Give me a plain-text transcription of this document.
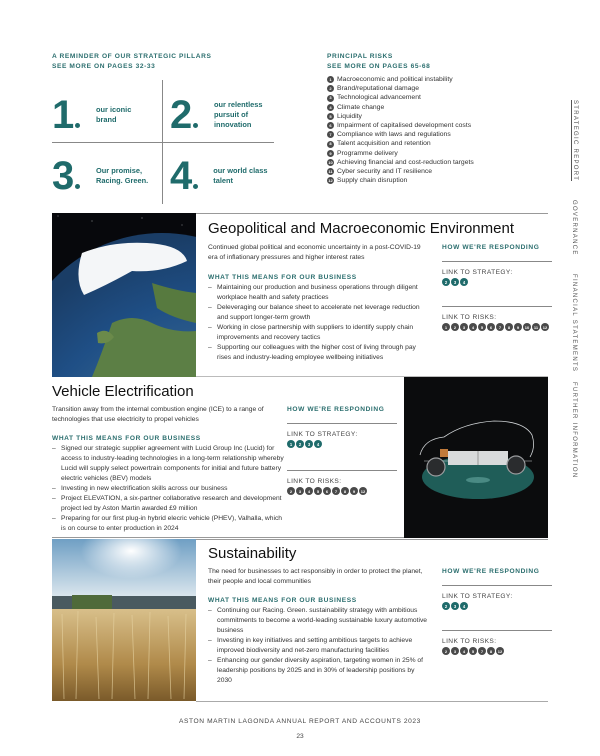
A REMINDER OF OUR STRATEGIC PILLARS
SEE MORE ON PAGES 32-33
1	our iconic brand	2	our relentless pursuit of innovation
3	Our promise, Racing. Green. 4	our world class talent
PRINCIPAL RISKS
SEE MORE ON PAGES 65-68
1 Macroeconomic and political instability
2 Brand/reputational damage
3 Technological advancement
4 Climate change
5 Liquidity
6 Impairment of capitalised development costs
7 Compliance with laws and regulations
8 Talent acquisition and retention
9 Programme delivery
10 Achieving financial and cost-reduction targets
11 Cyber security and IT resilience
12 Supply chain disruption	STRATEGIC REPORT
GOVERNANCE
FINANCIAL STATEMENTS
FURTHER INFORMATION
Geopolitical and Macroeconomic Environment
Continued global political and economic uncertainty in a post-COVID-19 era of inflationary pressures and higher interest rates
WHAT THIS MEANS FOR OUR BUSINESS
– Maintaining our production and business operations through diligent workplace health and safety practices
– Deleveraging our balance sheet to accelerate net leverage reduction and support longer-term growth
– Working in close partnership with suppliers to identify supply chain improvements and recovery tactics
– Supporting our colleagues with the higher cost of living through pay rises and industry-leading employee wellbeing initiatives
HOW WE'RE RESPONDING
LINK TO STRATEGY:
2	3	4
LINK TO RISKS:
1	2	3	4	5	6	7	8	9	10	11	12
Vehicle Electrification
Transition away from the internal combustion engine (ICE) to a range of technologies that use electricity to propel vehicles
WHAT THIS MEANS FOR OUR BUSINESS
– Signed our strategic supplier agreement with Lucid Group Inc (Lucid) for access to industry-leading technologies in a long-term relationship whereby Lucid will supply select powertrain components for initial and future battery electric vehicles (BEV) models
– Investing in new electrification skills across our business
– Project ELEVATION, a six-partner collaborative research and development project led by Aston Martin awarded £9 million
– Preparing for our first plug-in hybrid elecric vehicle (PHEV), Valhalla, which is on course to enter production in 2024
HOW WE'RE RESPONDING
LINK TO STRATEGY:
1	2	3	4
LINK TO RISKS:
2	3	4	5	6	7	8	9	12
Sustainability
The need for businesses to act responsibly in order to protect the planet, their people and local communities
WHAT THIS MEANS FOR OUR BUSINESS
– Continuing our Racing. Green. sustainability strategy with ambitious commitments to become a world-leading sustainable luxury automotive business
– Investing in key initiatives and setting ambitious targets to achieve improved biodiversity and net-zero manufacturing facilities
– Enhancing our gender diversity aspiration, targeting women in 25% of leadership positions by 2025 and in 30% of leadership positions by 2030
HOW WE'RE RESPONDING
LINK TO STRATEGY:
2	3	4
LINK TO RISKS:
2	3	4	5	7	8	12
ASTON MARTIN LAGONDA ANNUAL REPORT AND ACCOUNTS 2023
23
